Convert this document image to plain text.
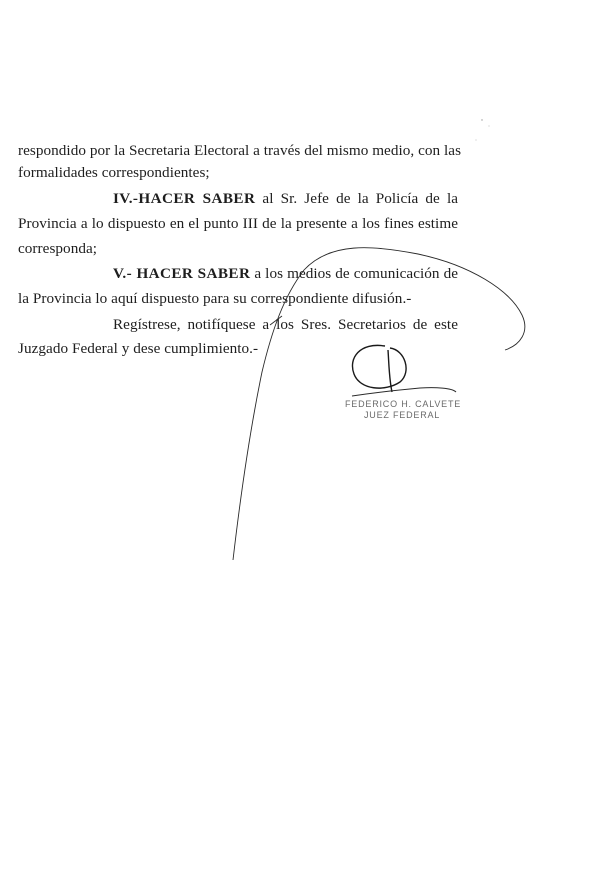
respondido por la Secretaria Electoral a través del mismo medio, con las
formalidades correspondientes;
IV.-HACER SABER al Sr. Jefe de la Policía de la
Provincia a lo dispuesto en el punto III de la presente a los fines estime
corresponda;
V.- HACER SABER a los medios de comunicación de
la Provincia lo aquí dispuesto para su correspondiente difusión.-
Regístrese, notifíquese a los Sres. Secretarios de este
Juzgado Federal y dese cumplimiento.-
FEDERICO H. CALVETE
JUEZ FEDERAL
